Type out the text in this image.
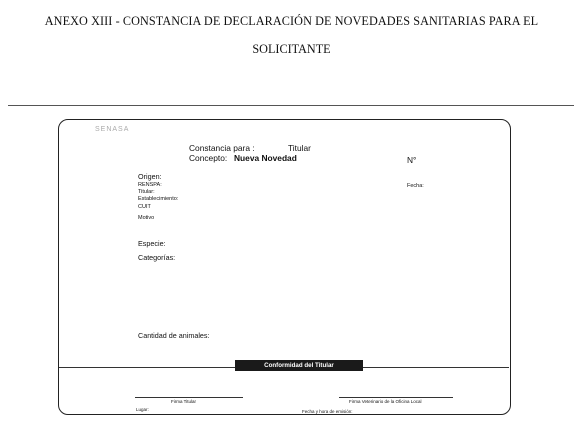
ANEXO XIII - CONSTANCIA DE DECLARACIÓN DE NOVEDADES SANITARIAS PARA EL
SOLICITANTE
SENASA
Constancia para :	Titular
Concepto: Nueva Novedad	N°
Origen:
RENSPA:
Titular:
Establecimiento:
CUIT
Motivo
Fecha:
Especie:
Categorías:
Cantidad de animales:
Conformidad del Titular
Firma Titular	Firma Veterinario de la Oficina Local
Lugar:	Fecha y hora de emisión:
